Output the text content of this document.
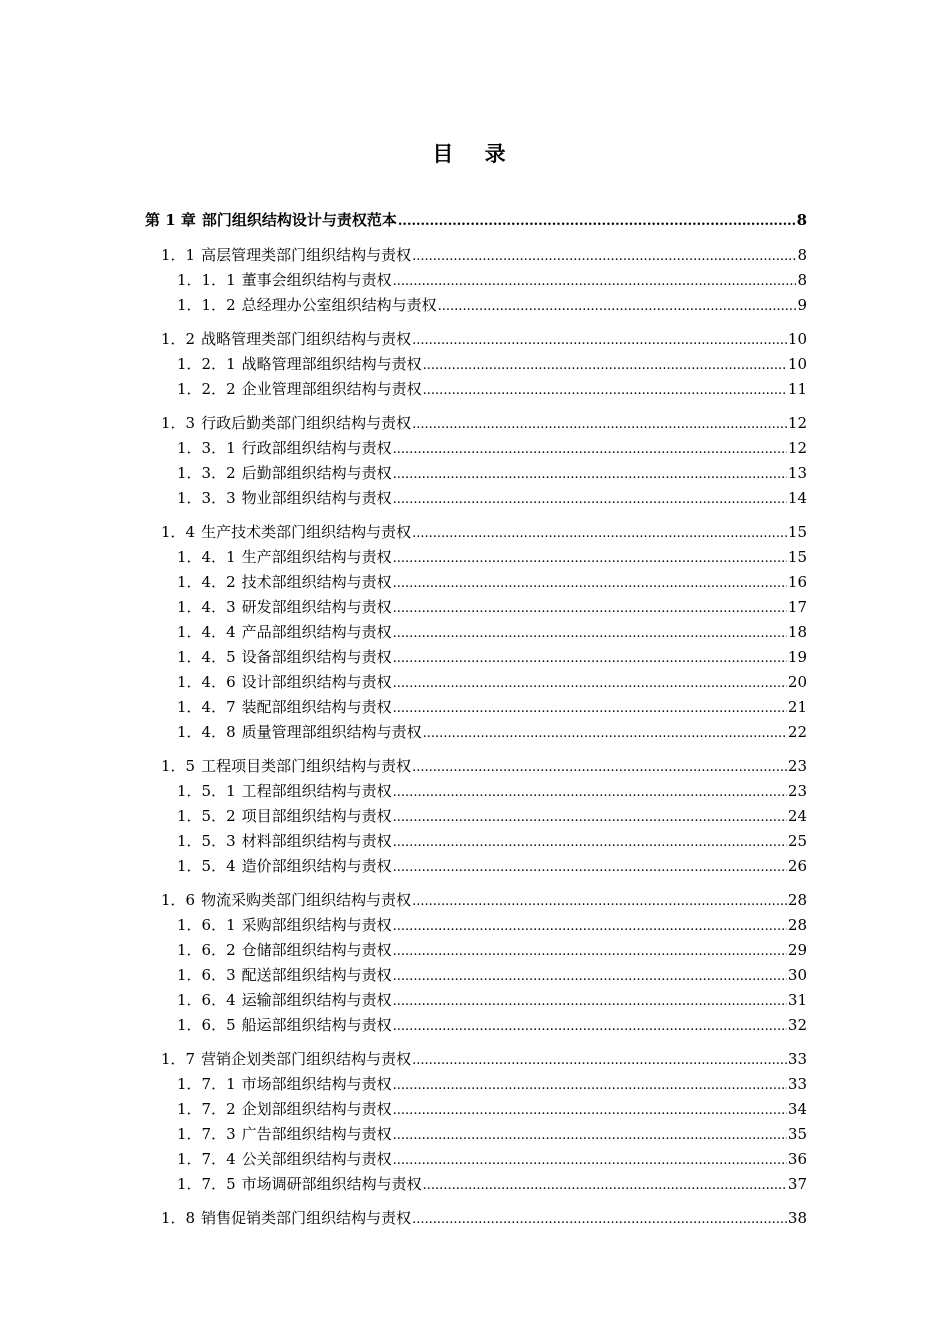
目 录
第 1 章 部门组织结构设计与责权范本 .....	8
1．1 高层管理类部门组织结构与责权 .....	8
1．1．1 董事会组织结构与责权 .....	8
1．1．2 总经理办公室组织结构与责权 .....	9
1．2 战略管理类部门组织结构与责权 .....	10
1．2．1 战略管理部组织结构与责权 .....	10
1．2．2 企业管理部组织结构与责权 .....	11
1．3 行政后勤类部门组织结构与责权 .....	12
1．3．1 行政部组织结构与责权 .....	12
1．3．2 后勤部组织结构与责权 .....	13
1．3．3 物业部组织结构与责权 .....	14
1．4 生产技术类部门组织结构与责权 .....	15
1．4．1 生产部组织结构与责权 .....	15
1．4．2 技术部组织结构与责权 .....	16
1．4．3 研发部组织结构与责权 .....	17
1．4．4 产品部组织结构与责权 .....	18
1．4．5 设备部组织结构与责权 .....	19
1．4．6 设计部组织结构与责权 .....	20
1．4．7 装配部组织结构与责权 .....	21
1．4．8 质量管理部组织结构与责权 .....	22
1．5 工程项目类部门组织结构与责权 .....	23
1．5．1 工程部组织结构与责权 .....	23
1．5．2 项目部组织结构与责权 .....	24
1．5．3 材料部组织结构与责权 .....	25
1．5．4 造价部组织结构与责权 .....	26
1．6 物流采购类部门组织结构与责权 .....	28
1．6．1 采购部组织结构与责权 .....	28
1．6．2 仓储部组织结构与责权 .....	29
1．6．3 配送部组织结构与责权 .....	30
1．6．4 运输部组织结构与责权 .....	31
1．6．5 船运部组织结构与责权 .....	32
1．7 营销企划类部门组织结构与责权 .....	33
1．7．1 市场部组织结构与责权 .....	33
1．7．2 企划部组织结构与责权 .....	34
1．7．3 广告部组织结构与责权 .....	35
1．7．4 公关部组织结构与责权 .....	36
1．7．5 市场调研部组织结构与责权 .....	37
1．8 销售促销类部门组织结构与责权 .....	38
